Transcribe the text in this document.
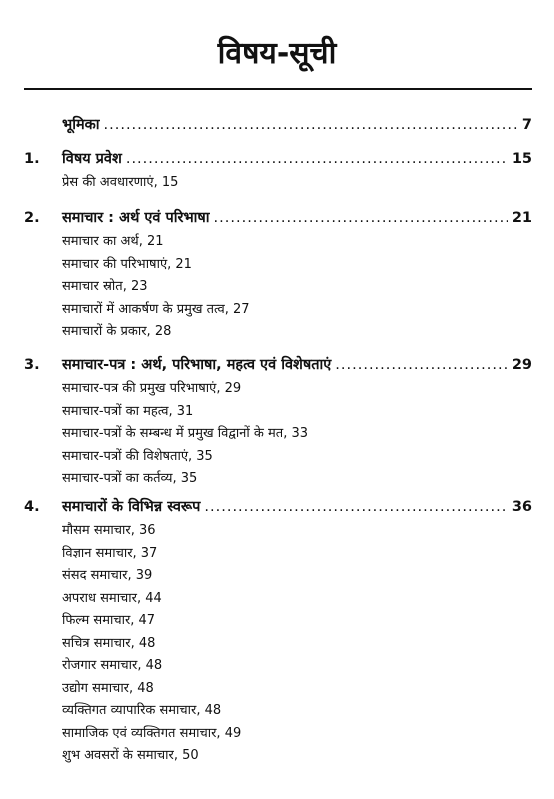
विषय-सूची
भूमिका .....	7
1. विषय प्रवेश .....	15
प्रेस की अवधारणाएं, 15
2. समाचार : अर्थ एवं परिभाषा .....	21
समाचार का अर्थ, 21
समाचार की परिभाषाएं, 21
समाचार स्रोत, 23
समाचारों में आकर्षण के प्रमुख तत्व, 27
समाचारों के प्रकार, 28
3. समाचार-पत्र : अर्थ, परिभाषा, महत्व एवं विशेषताएं .....	29
समाचार-पत्र की प्रमुख परिभाषाएं, 29
समाचार-पत्रों का महत्व, 31
समाचार-पत्रों के सम्बन्ध में प्रमुख विद्वानों के मत, 33
समाचार-पत्रों की विशेषताएं, 35
समाचार-पत्रों का कर्तव्य, 35
4. समाचारों के विभिन्न स्वरूप .....	36
मौसम समाचार, 36
विज्ञान समाचार, 37
संसद समाचार, 39
अपराध समाचार, 44
फिल्म समाचार, 47
सचित्र समाचार, 48
रोजगार समाचार, 48
उद्योग समाचार, 48
व्यक्तिगत व्यापारिक समाचार, 48
सामाजिक एवं व्यक्तिगत समाचार, 49
शुभ अवसरों के समाचार, 50
